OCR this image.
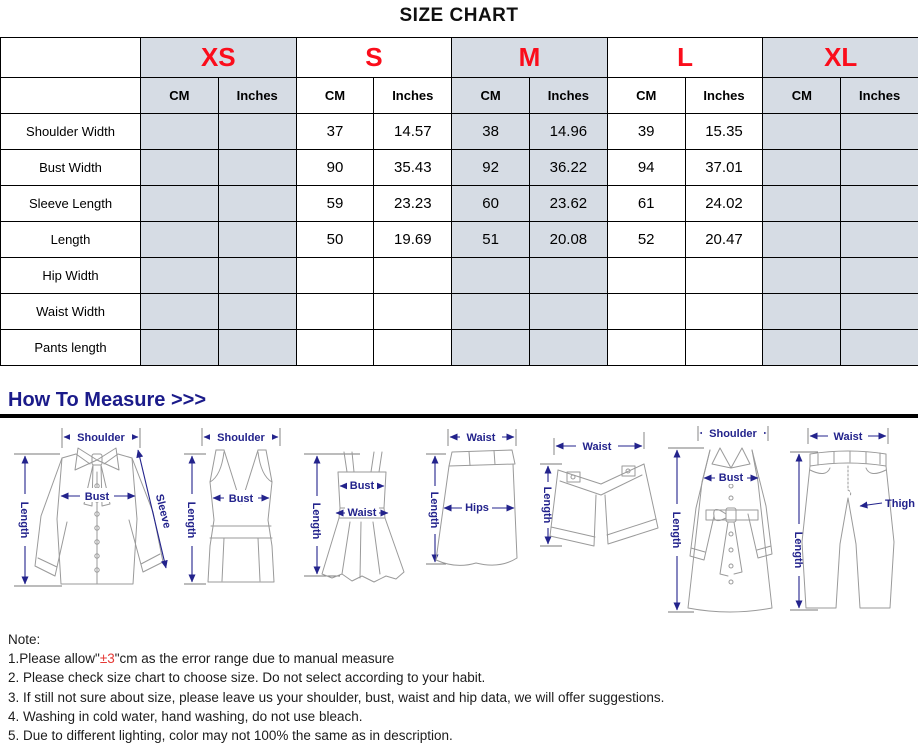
SIZE CHART
	XS		S		M		L		XL	
	CM	Inches	CM	Inches	CM	Inches	CM	Inches	CM	Inches
Shoulder Width			37	14.57	38	14.96	39	15.35		
Bust Width			90	35.43	92	36.22	94	37.01		
Sleeve Length			59	23.23	60	23.62	61	24.02		
Length			50	19.69	51	20.08	52	20.47		
Hip Width										
Waist Width										
Pants length										
How To Measure >>>
Shoulder
Length
Bust	Sleeve
Shoulder
Length
Bust
Length
Bust
Waist
Waist
Length Hips
Waist
Length
Shoulder
Length
Bust
Waist
Length
Thigh
Note:
1.Please allow"±3"cm as the error range due to manual measure
2. Please check size chart to choose size. Do not select according to your habit.
3. If still not sure about size, please leave us your shoulder, bust, waist and hip data, we will offer suggestions.
4. Washing in cold water, hand washing, do not use bleach.
5. Due to different lighting, color may not 100% the same as in description.
